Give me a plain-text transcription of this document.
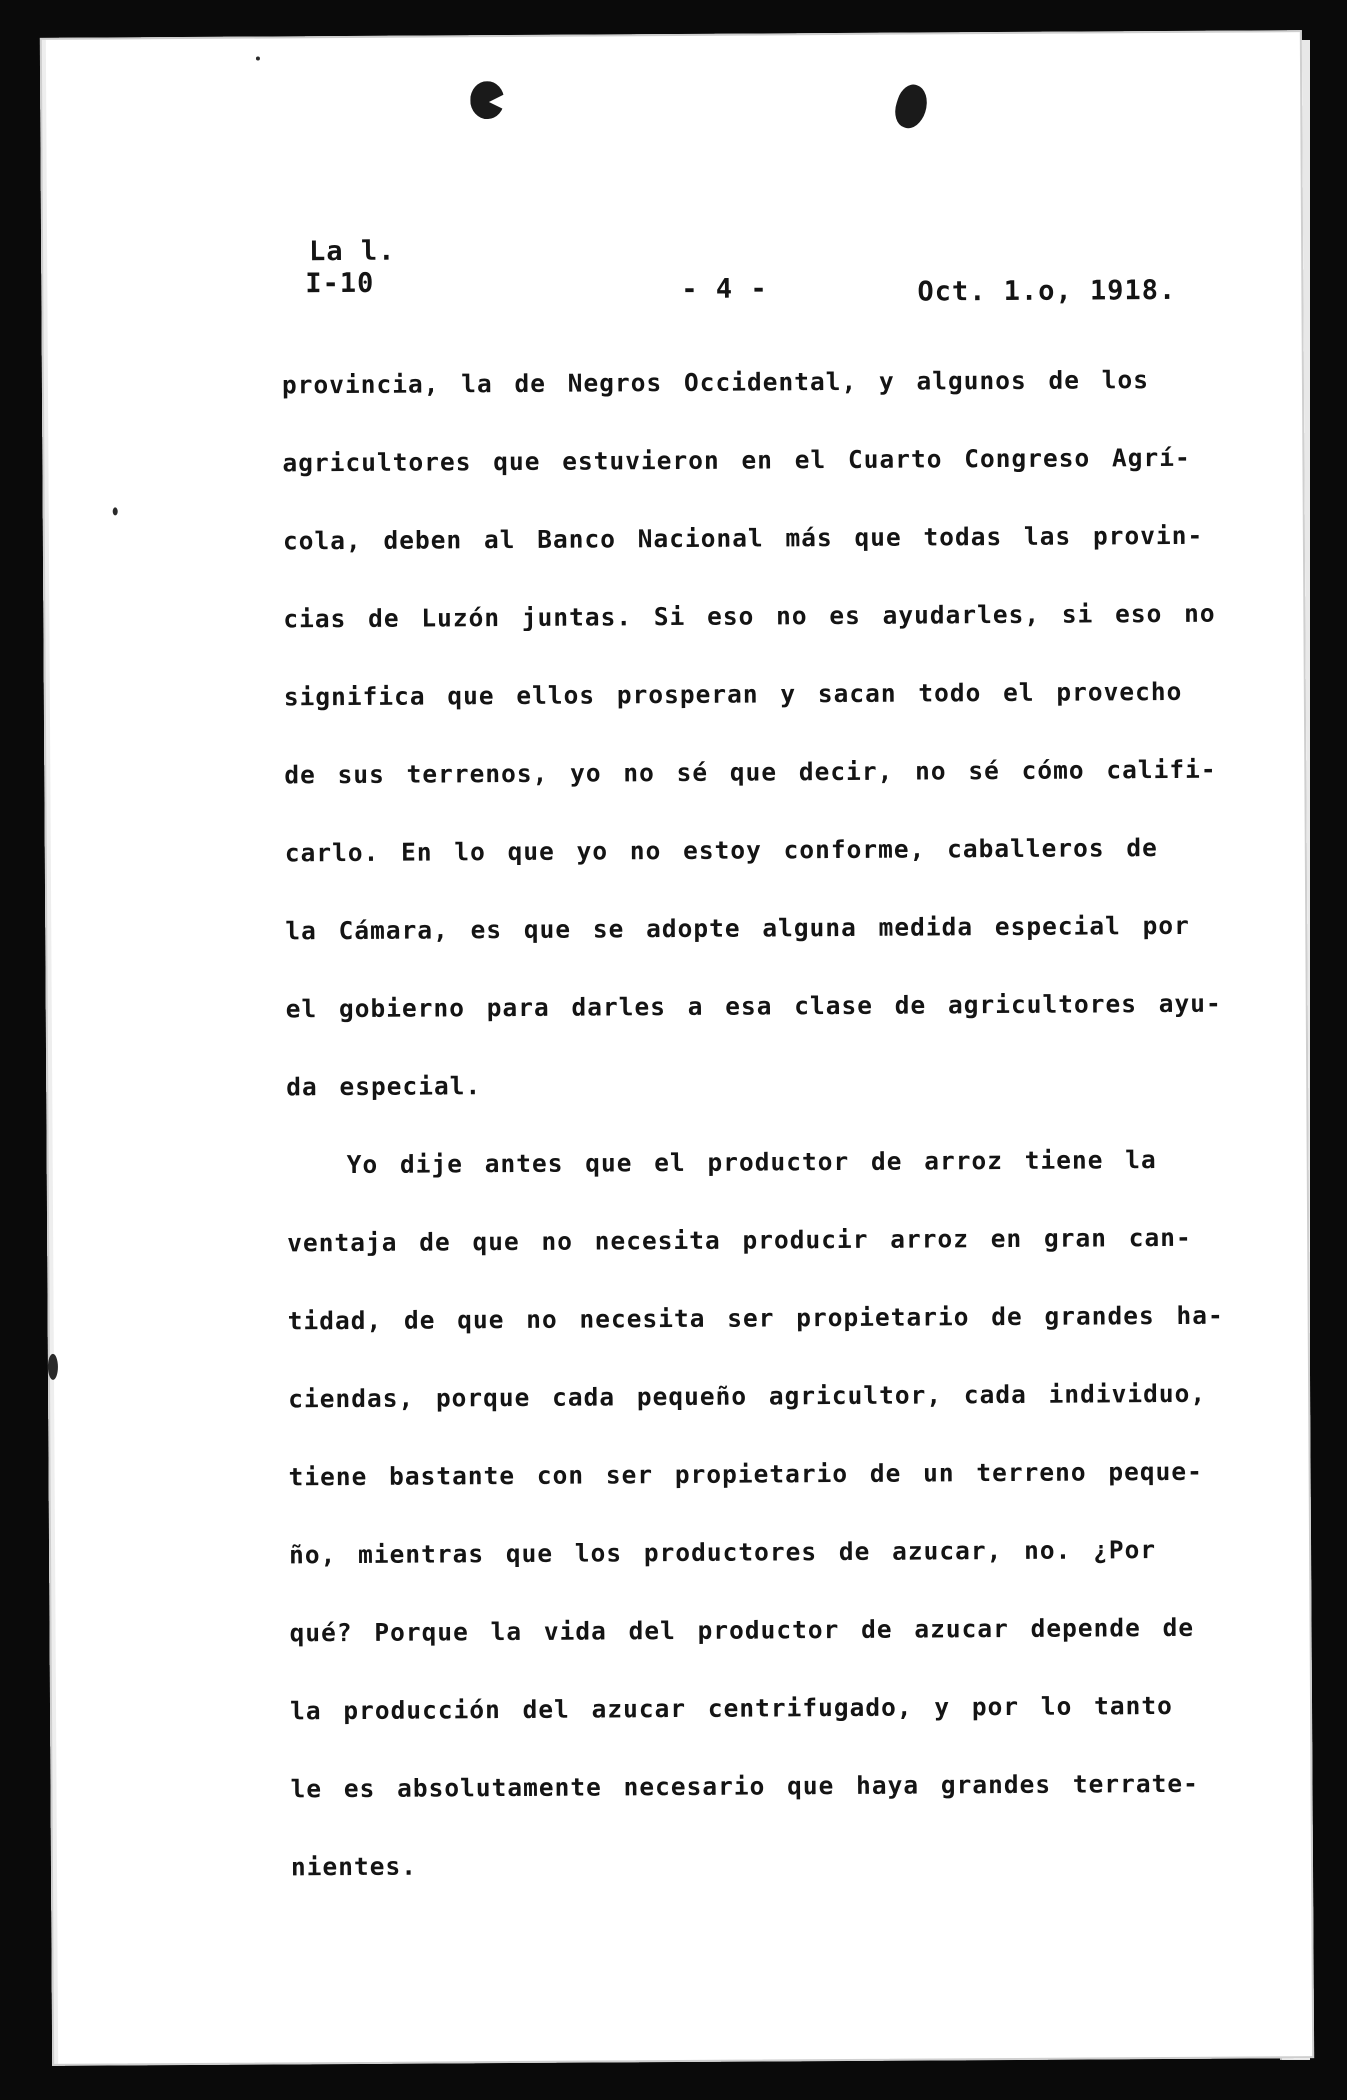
La l.
I-10	- 4 -	Oct. 1.o, 1918.
provincia, la de Negros Occidental, y algunos de los
agricultores que estuvieron en el Cuarto Congreso Agrí-
cola, deben al Banco Nacional más que todas las provin-
cias de Luzón juntas. Si eso no es ayudarles, si eso no
significa que ellos prosperan y sacan todo el provecho
de sus terrenos, yo no sé que decir, no sé cómo califi-
carlo. En lo que yo no estoy conforme, caballeros de
la Cámara, es que se adopte alguna medida especial por
el gobierno para darles a esa clase de agricultores ayu-
da especial.
Yo dije antes que el productor de arroz tiene la
ventaja de que no necesita producir arroz en gran can-
tidad, de que no necesita ser propietario de grandes ha-
ciendas, porque cada pequeño agricultor, cada individuo,
tiene bastante con ser propietario de un terreno peque-
ño, mientras que los productores de azucar, no. ¿Por
qué? Porque la vida del productor de azucar depende de
la producción del azucar centrifugado, y por lo tanto
le es absolutamente necesario que haya grandes terrate-
nientes.
